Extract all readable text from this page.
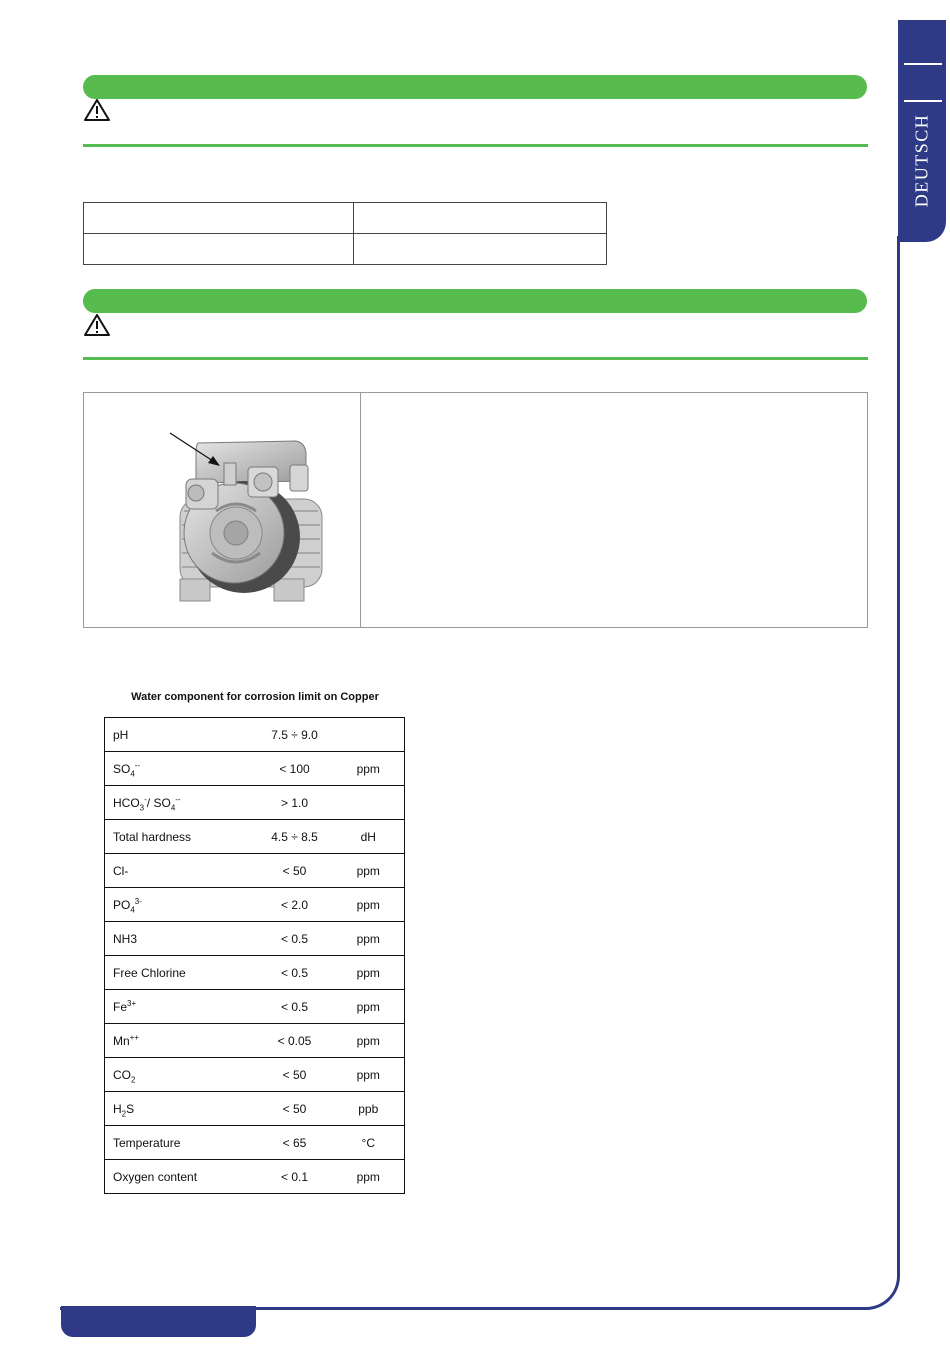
DEUTSCH

Water component for corrosion limit on Copper
pH	7.5 ÷ 9.0	
$SO_4^{--}$	< 100	ppm
$HCO_3^-/$ $SO_4^{--}$	> 1.0	
Total hardness	4.5 ÷ 8.5	dH
Cl-	< 50	ppm
$PO_4^{3-}$	< 2.0	ppm
NH3	< 0.5	ppm
Free Chlorine	< 0.5	ppm
$Fe^{3+}$	< 0.5	ppm
Mn++	< 0.05	ppm
$CO_2$	< 50	ppm
$H_2S$	< 50	ppb
Temperature	< 65	°C
Oxygen content	< 0.1	ppm
